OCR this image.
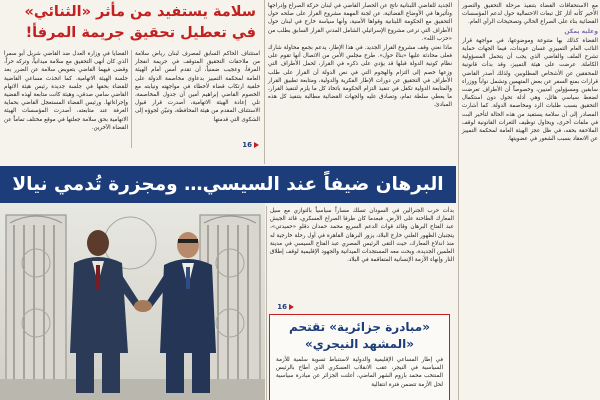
سلامة يستفيد من مأثر «الثنائي»
في تعطيل تحقيق جريمة المرفأ!

القضايا في وزارة العدل ضد القاضي شربل أبو سمرا الذي كان أنهى التحقيق مع سلامة ميدانياً، وتركه حراً، وقضى فيهما القاضي بتعويض سلامة عن الضرر بعد جلسة الهيئة الاتهامية. كما اتخذت مساعي القاضية للقضاء بحقها في جلسة جديدة رئيس هيئة الاتهام القاضي سامي صدقي، وهيئة كانت متابعة لهذه القضية وإجراءاتها. ورئيس القضاء المستعجل القاضي بحماية الغرفة عند متابعته، أصدرت المؤسسات الهيئة الاتهامية بحق سلامة جعلتها في موقع مختلف تماماً عن القضاة الآخرين.

استئناف الحاكم السابق لمصرف لبنان رياض سلامة من ملاحقات التحقيق المتوقف في جريمة انفجار المرفأ، وعجيب ضمنياً، أن تقدم أمس أمام الهيئة العامة لمحكمة التمييز بدعاوى مخاصمة الدولة على خلفية ارتكاب قضاة لأخطاء في مواجهته ونيابته مع الخصوم القاضي إبراهيم أمين أن جدول المخاصمة، تلي إعادة الهيئة الاتهامية، أصدرت قرار قبول الاستئناف المقدم من هيئة المحافظة، وتبيّن لجوؤه إلى الشكوى التي قدمتها

16

الجديد للقاضي اللبنانية ناتج عن الحصار القاضي في لبنان حركة الصراع وإدراجها وتأثيرها في الأوضاع القضائية، عن لجنة المهمة مشروع القرار على صلحه حول التحقيق مع الحكومة اللبنانية وقواها الأمنية، وأنها سياسة خارج في لبنان حول الأطراف التي ترعى مشروع الإسرائيلي الشامل المدني القرار السابق بطلب من «حزب الله».

ماذا نعني وقف مشروع القرار الجديد. في هذا الإطار، يدعم بجمع محاولة شارك فعلى محادثة عليها «بناءً حول». طرح مجلس الأمن من الاتصال أنها تقوم على نظام كونية الدولة قبلها قد يؤدي على ذكره في القرار، لحمل الأطراف التي وزعها خصم إلى التزام والهجوم التي في نص الدولة أن القرار على طلب الأطراف في التحقيق عن دورات الإطار الفكرية والدولية، ومتابعة تطبيق القرار والمتابعة الدولية تكفل في تنفيذ التزام الحكومة باتخاذ كل ما يلزم لتنفيذ القرار، ما يعطي سلطة تمام، وتصادق عليه والجهات القضائية مطالبة بتنفيذ كل هذه المبادئ.

مع الاستحقاقات القضاء بتنفيذ مرحلة التحقيق والتصور الأخير كأنه أثار كل تبعات الاحتمالية حول لدعم المؤسسات القضائية بناء على الصراع الحالي وتصحيحات الرأي العام.

وعليه يمكن

القضاة كذلك بها متنوعة وموضوعها، في مواجهة قرار النائب العام التمييزي غسان عويدات، فيما الجهات حماية تشرح الملف والقاضي الذي يجب أن يتحمل المسؤولية الكاملة. عرضت على هيئة التمييز، وقد بدأت قانونية للمحققين عن الأشخاص المطلوبين. ولذلك أصدر القاضي قرارات بمنع السفر عن بعض المتهمين وتشمل نواباً ووزراء سابقين ومسؤولين أمنيين، وخصوصاً أن الأطراف تعرضت لضغط سياسي هائل، وهي أدلة تحول دون استكمال التحقيق بسبب طلبات الرد ومخاصمة الدولة. كما أشارت المصادر إلى أن سلامة يستفيد من هذه الحالة لتأخير البت في ملفات أخرى، ويحاول توظيف الثغرات القانونية لوقف الملاحقة بحقه، في ظل عجز الهيئة العامة لمحكمة التمييز عن الانعقاد بسبب الشغور في عضويتها.

البرهان ضيفاً عند السيسي… ومجزرة تُدمي نيالا

بدأت حرب الجنرالين في السودان تسلك مساراً سياسياً بالتوازي مع سيل المعارك الطاحنة على الأرض. فبعدما كان طرفا الصراع العسكري، قائد الجيش عبد الفتاح البرهان وقائد قوات الدعم السريع محمد حمدان دقلو «حميدتي»، يتجنبان الظهور العلني خارج البلاد، يزور البرهان القاهرة في أول رحلة خارجية له منذ اندلاع المعارك، حيث التقى الرئيس المصري عبد الفتاح السيسي في مدينة العلمين الجديدة، وبحث معه المستجدات الميدانية والجهود الإقليمية لوقف إطلاق النار وإنهاء الأزمة الإنسانية المتفاقمة في البلاد.

16
«مبادرة جزائرية» تقتحم
«المشهد النيجري»

في إطار المساعي الإقليمية والدولية لاستنباط تسوية سلمية للأزمة السياسية في النيجر، عقب الانقلاب العسكري الذي أطاح بالرئيس المنتخب محمد بازوم الشهر الماضي، أعلنت الجزائر عن مبادرة سياسية لحل الأزمة تتضمن فترة انتقالية
